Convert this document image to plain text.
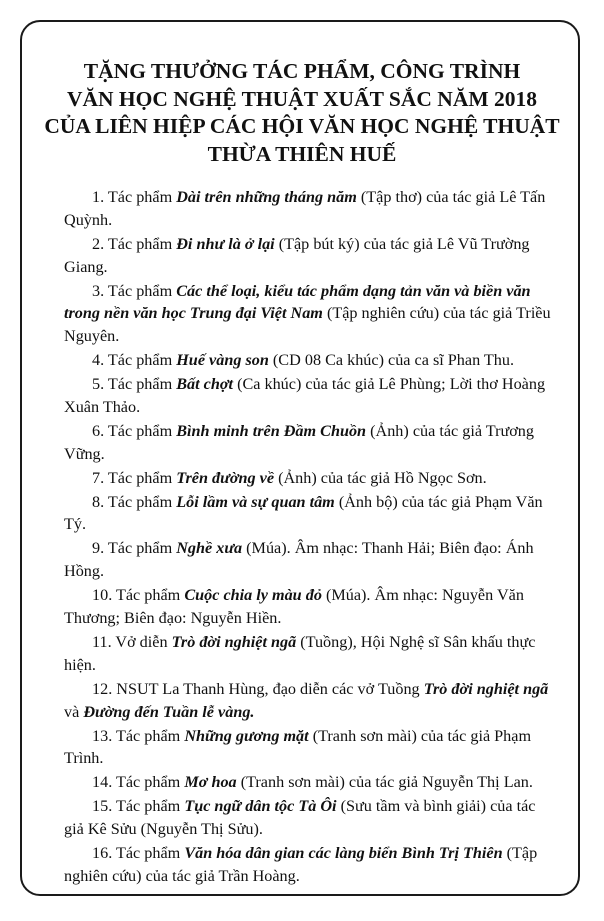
TẶNG THƯỞNG TÁC PHẨM, CÔNG TRÌNH
VĂN HỌC NGHỆ THUẬT XUẤT SẮC NĂM 2018
CỦA LIÊN HIỆP CÁC HỘI VĂN HỌC NGHỆ THUẬT
THỪA THIÊN HUẾ
1. Tác phẩm Dài trên những tháng năm (Tập thơ) của tác giả Lê Tấn Quỳnh.
2. Tác phẩm Đi như là ở lại (Tập bút ký) của tác giả Lê Vũ Trường Giang.
3. Tác phẩm Các thể loại, kiểu tác phẩm dạng tản văn và biền văn trong nền văn học Trung đại Việt Nam (Tập nghiên cứu) của tác giả Triều Nguyên.
4. Tác phẩm Huế vàng son (CD 08 Ca khúc) của ca sĩ Phan Thu.
5. Tác phẩm Bất chợt (Ca khúc) của tác giả Lê Phùng; Lời thơ Hoàng Xuân Thảo.
6. Tác phẩm Bình minh trên Đầm Chuồn (Ảnh) của tác giả Trương Vững.
7. Tác phẩm Trên đường về (Ảnh) của tác giả Hồ Ngọc Sơn.
8. Tác phẩm Lỗi lầm và sự quan tâm (Ảnh bộ) của tác giả Phạm Văn Tý.
9. Tác phẩm Nghề xưa (Múa). Âm nhạc: Thanh Hải; Biên đạo: Ánh Hồng.
10. Tác phẩm Cuộc chia ly màu đỏ (Múa). Âm nhạc: Nguyễn Văn Thương; Biên đạo: Nguyễn Hiền.
11. Vở diễn Trò đời nghiệt ngã (Tuồng), Hội Nghệ sĩ Sân khấu thực hiện.
12. NSUT La Thanh Hùng, đạo diễn các vở Tuồng Trò đời nghiệt ngã và Đường đến Tuần lễ vàng.
13. Tác phẩm Những gương mặt (Tranh sơn mài) của tác giả Phạm Trình.
14. Tác phẩm Mơ hoa (Tranh sơn mài) của tác giả Nguyễn Thị Lan.
15. Tác phẩm Tục ngữ dân tộc Tà Ôi (Sưu tầm và bình giải) của tác giả Kê Sửu (Nguyễn Thị Sửu).
16. Tác phẩm Văn hóa dân gian các làng biển Bình Trị Thiên (Tập nghiên cứu) của tác giả Trần Hoàng.
